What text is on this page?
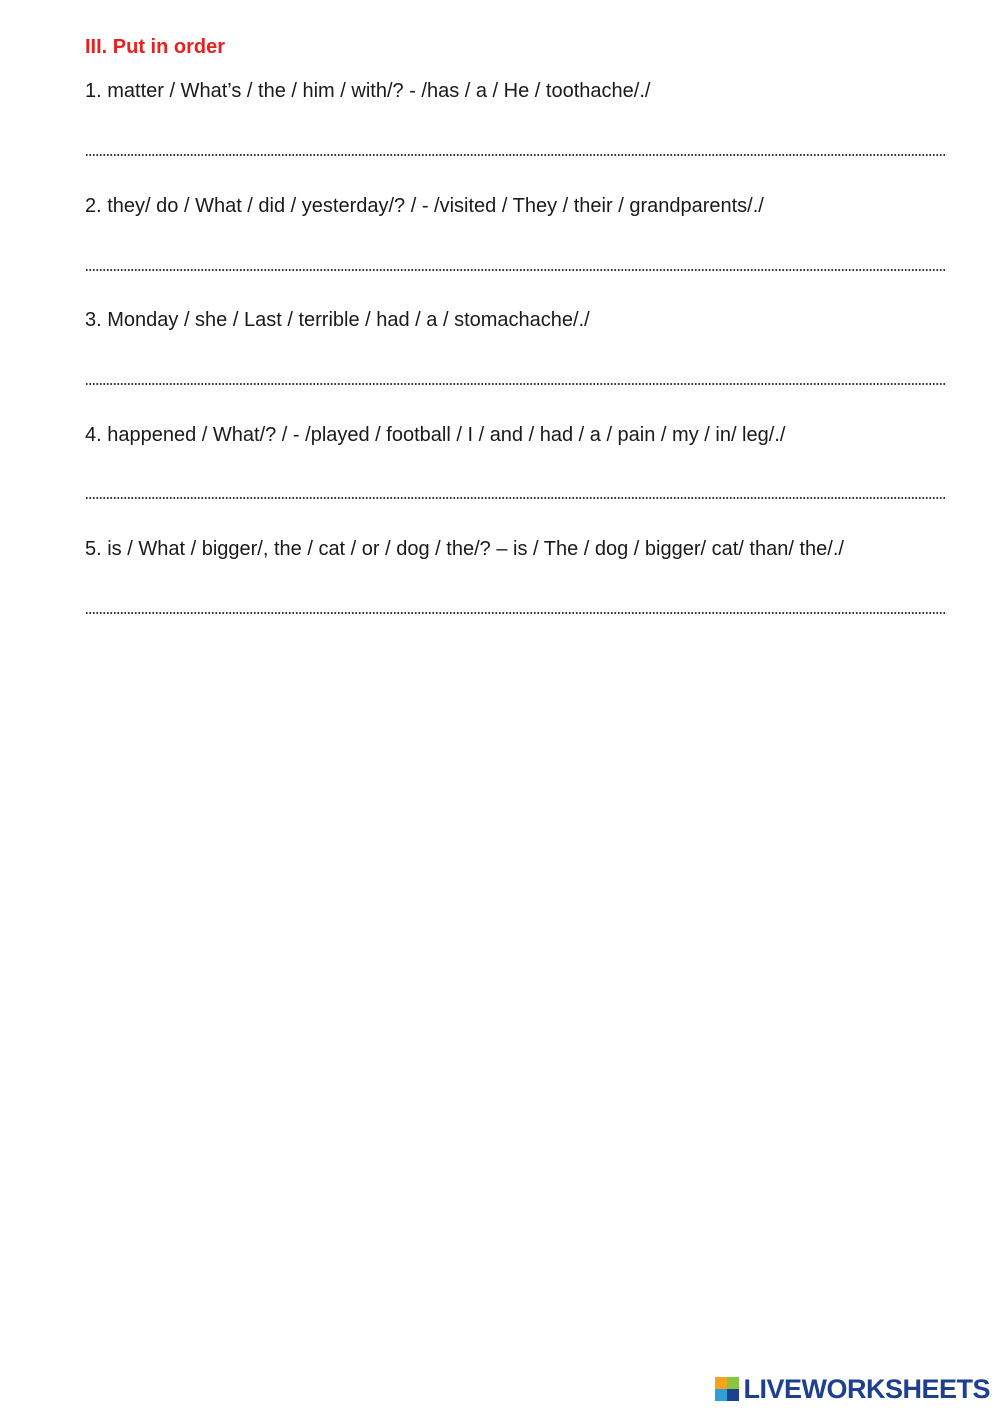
III. Put in order
1. matter / What’s / the / him / with/? - /has / a / He / toothache/./
2. they/ do / What / did / yesterday/? / - /visited / They / their / grandparents/./
3. Monday / she / Last / terrible / had / a / stomachache/./
4. happened / What/? / - /played / football / I / and / had / a / pain / my / in/ leg/./
5. is / What / bigger/, the / cat / or / dog / the/? – is / The / dog / bigger/ cat/ than/ the/./
LIVEWORKSHEETS
